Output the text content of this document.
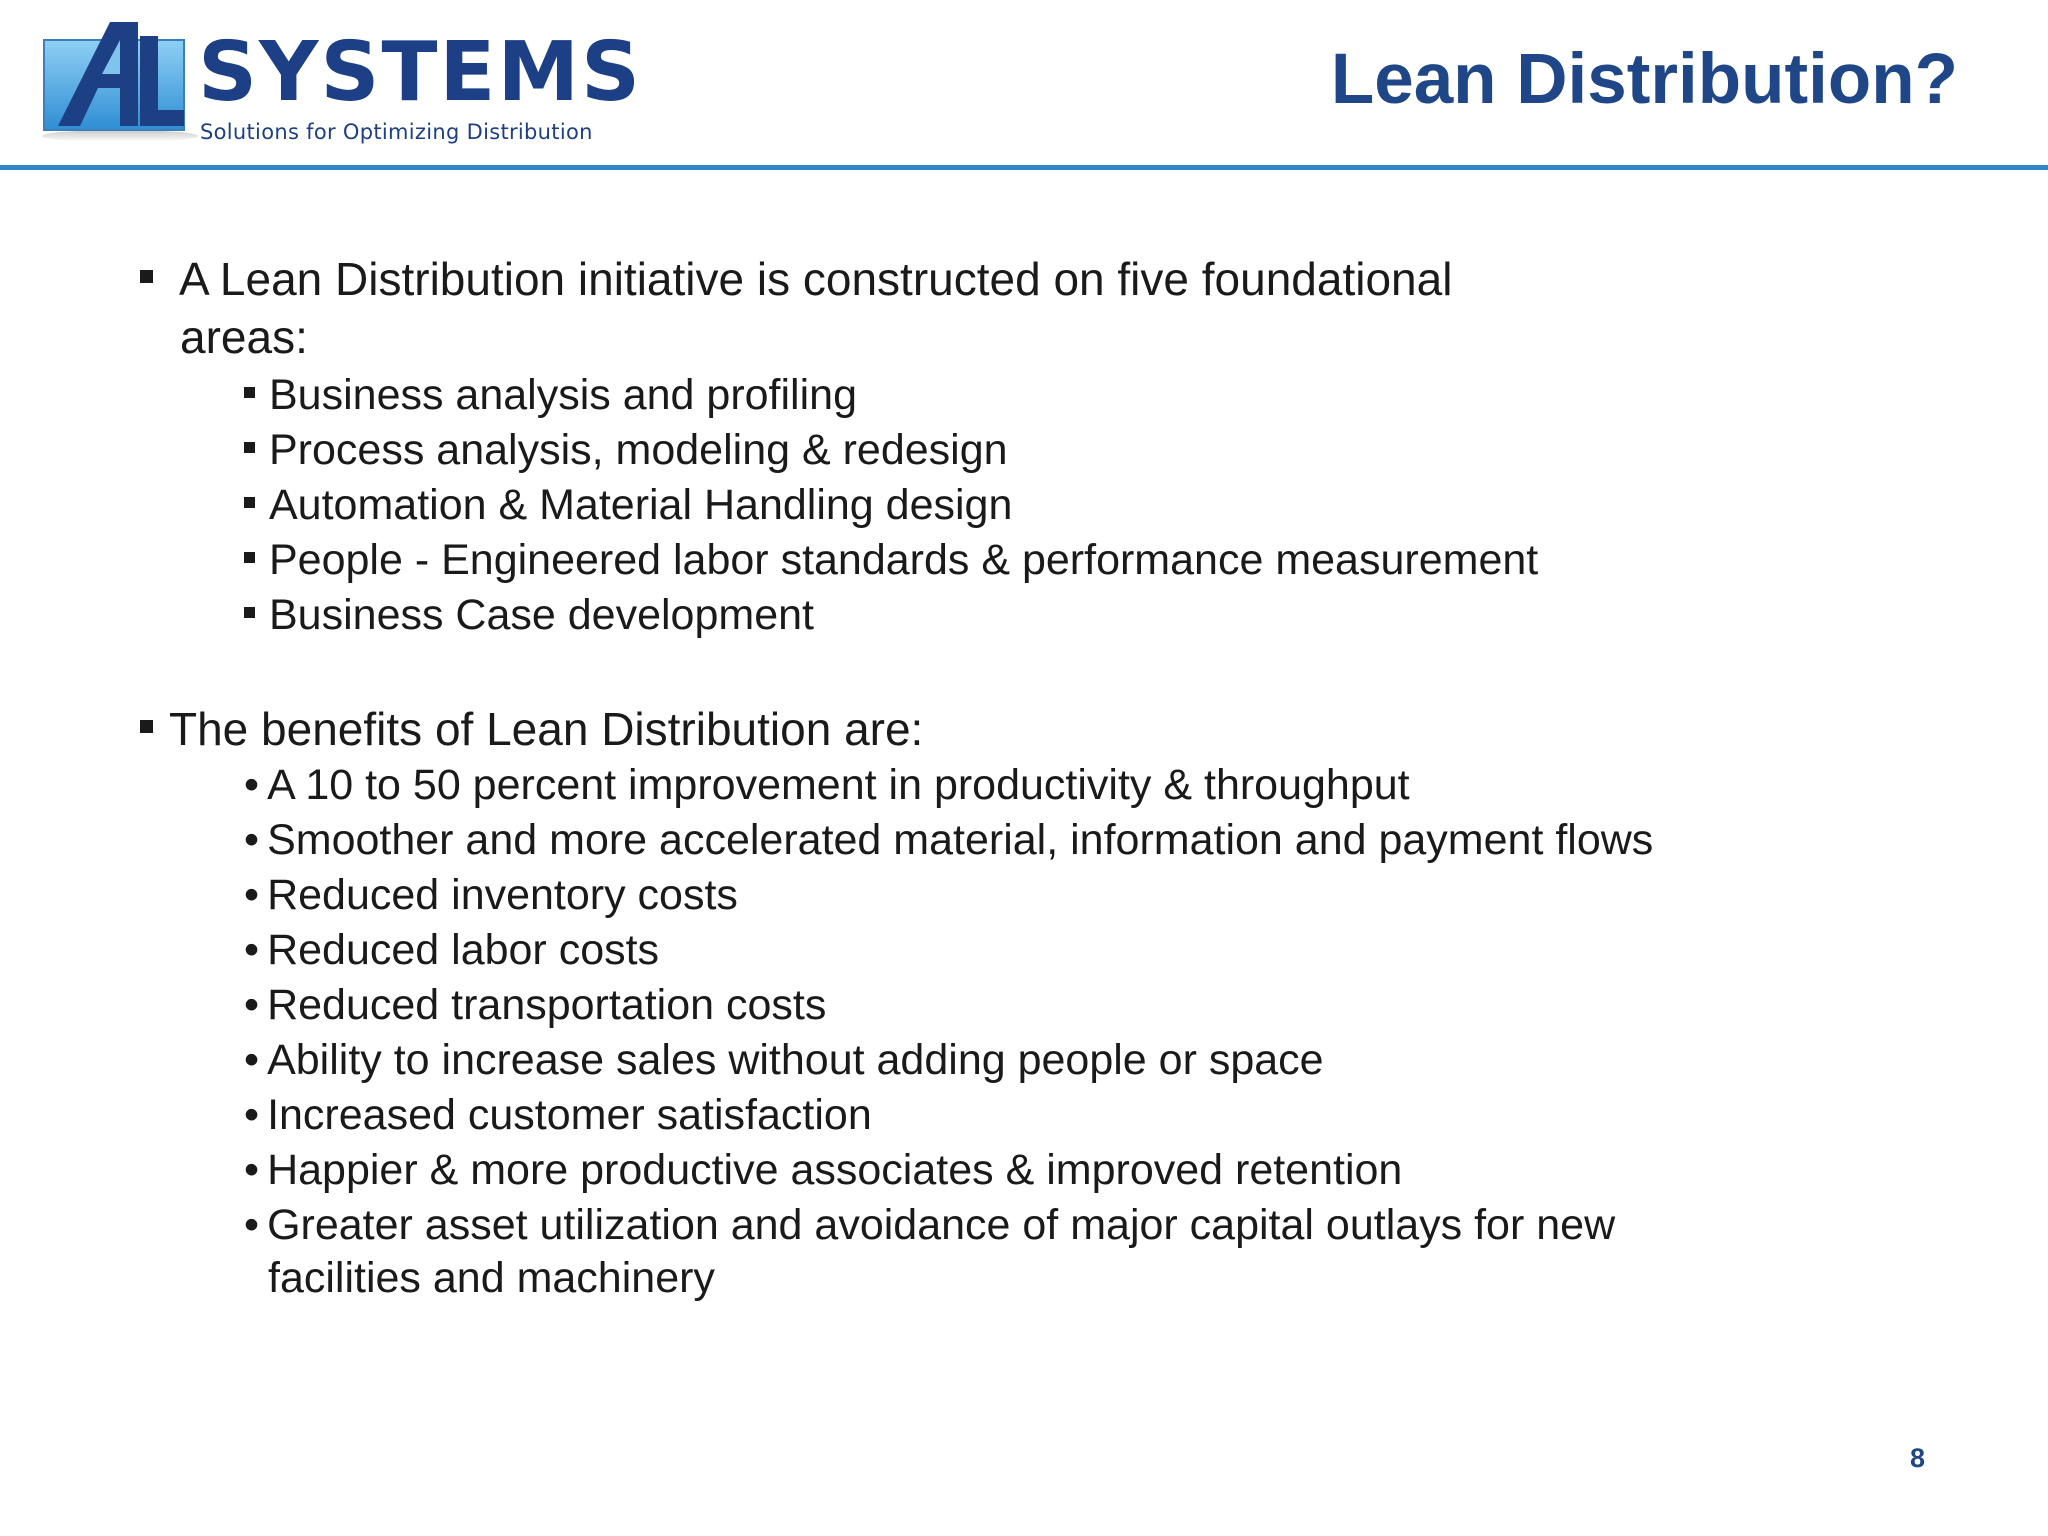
SYSTEMS
Solutions for Optimizing Distribution
Lean Distribution?
A Lean Distribution initiative is constructed on five foundational
areas:
Business analysis and profiling
Process analysis, modeling & redesign
Automation & Material Handling design
People - Engineered labor standards & performance measurement
Business Case development
The benefits of Lean Distribution are:
• A 10 to 50 percent improvement in productivity & throughput
• Smoother and more accelerated material, information and payment flows
• Reduced inventory costs
• Reduced labor costs
• Reduced transportation costs
• Ability to increase sales without adding people or space
• Increased customer satisfaction
• Happier & more productive associates & improved retention
• Greater asset utilization and avoidance of major capital outlays for new
facilities and machinery
8
